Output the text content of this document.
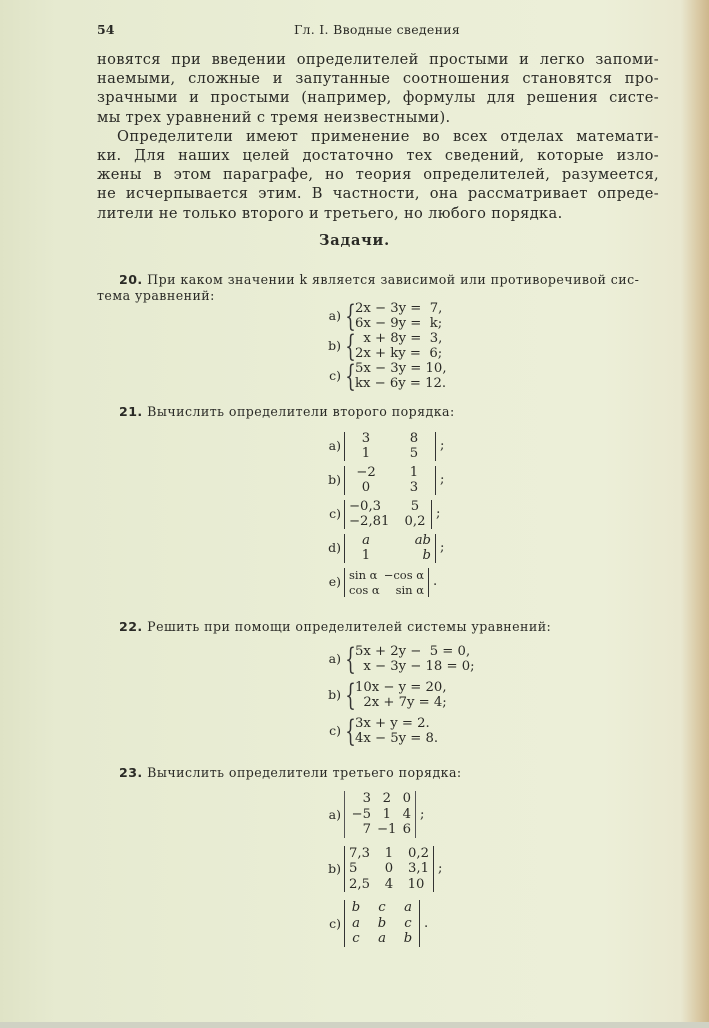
54	Гл. I. Вводные сведения

новятся при введении определителей простыми и легко запоми-
наемыми, сложные и запутанные соотношения становятся про-
зрачными и простыми (например, формулы для решения систе-
мы трех уравнений с тремя неизвестными).

Определители имеют применение во всех отделах математи-
ки. Для наших целей достаточно тех сведений, которые изло-
жены в этом параграфе, но теория определителей, разумеется,
не исчерпывается этим. В частности, она рассматривает опреде-
лители не только второго и третьего, но любого порядка.

Задачи.
20. При каком значении k является зависимой или противоречивой сис-
тема уравнений:
a) { 2x − 3y =  7,
6x − 9y =  k;
b) { x + 8y =  3,
2x + ky =  6;
c) { 5x − 3y = 10,
kx − 6y = 12.
21. Вычислить определители второго порядка:
a)	3	8
1	5	;
b)	−2	1
0	3	;
c) −0,3	5
−2,81 0,2 ;
d)	a	ab
1	b ;
e) sin α −cos α
cos α	sin α
.
22. Решить при помощи определителей системы уравнений:
a) { 5x + 2y −  5 = 0,
x − 3y − 18 = 0;
b) { 10x − y = 20,
2x + 7y = 4;
c) { 3x + y = 2.
4x − 5y = 8.
23. Вычислить определители третьего порядка:
a)
3 2 0
−5 1 4
7 −1 6
;
b)
7,3	1	0,2
5	0	3,1
2,5	4	10
;
c)
b c a
a b c
c a b
.
